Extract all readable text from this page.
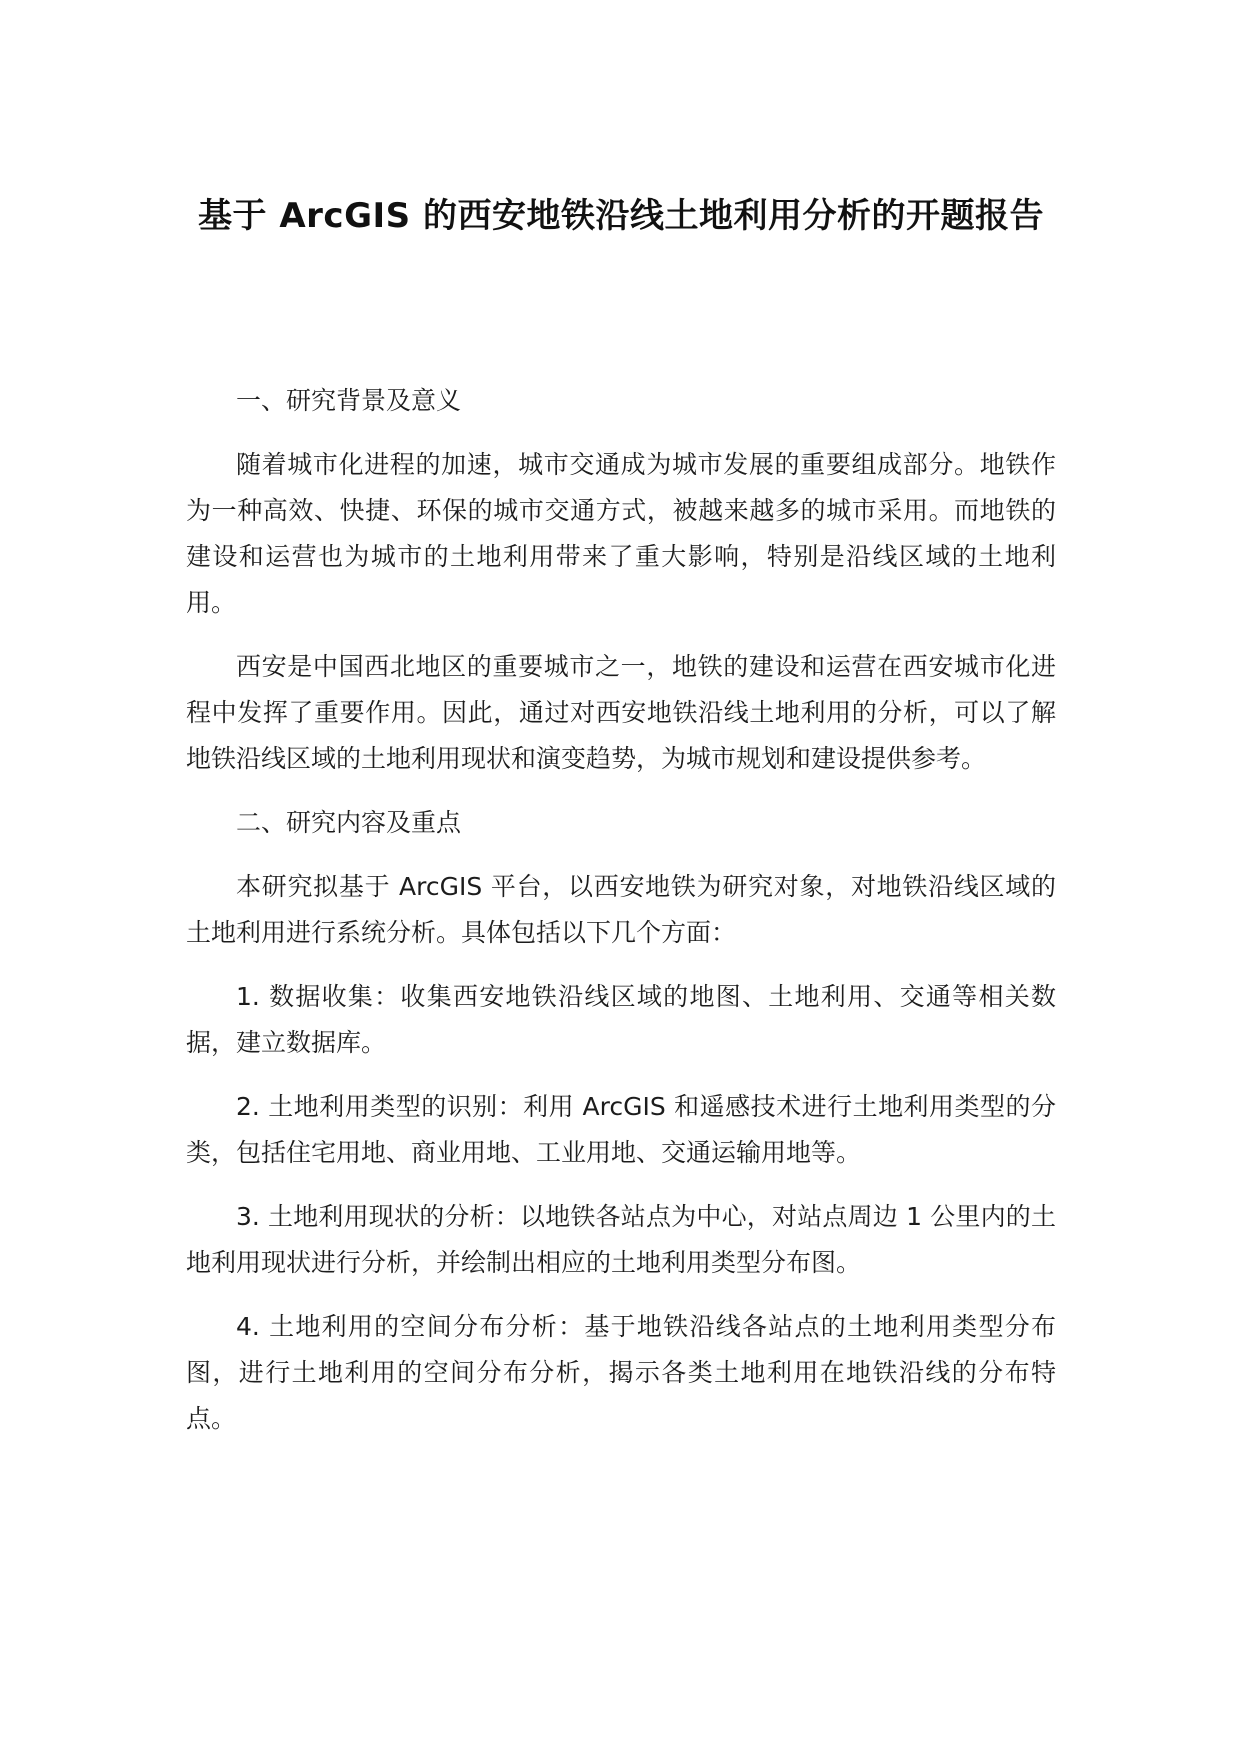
基于 ArcGIS 的西安地铁沿线土地利用分析的开题报告

一、研究背景及意义

随着城市化进程的加速，城市交通成为城市发展的重要组成部分。地铁作为一种高效、快捷、环保的城市交通方式，被越来越多的城市采用。而地铁的建设和运营也为城市的土地利用带来了重大影响，特别是沿线区域的土地利用。

西安是中国西北地区的重要城市之一，地铁的建设和运营在西安城市化进程中发挥了重要作用。因此，通过对西安地铁沿线土地利用的分析，可以了解地铁沿线区域的土地利用现状和演变趋势，为城市规划和建设提供参考。

二、研究内容及重点

本研究拟基于 ArcGIS 平台，以西安地铁为研究对象，对地铁沿线区域的土地利用进行系统分析。具体包括以下几个方面：

1. 数据收集：收集西安地铁沿线区域的地图、土地利用、交通等相关数据，建立数据库。

2. 土地利用类型的识别：利用 ArcGIS 和遥感技术进行土地利用类型的分类，包括住宅用地、商业用地、工业用地、交通运输用地等。

3. 土地利用现状的分析：以地铁各站点为中心，对站点周边 1 公里内的土地利用现状进行分析，并绘制出相应的土地利用类型分布图。

4. 土地利用的空间分布分析：基于地铁沿线各站点的土地利用类型分布图，进行土地利用的空间分布分析，揭示各类土地利用在地铁沿线的分布特点。
